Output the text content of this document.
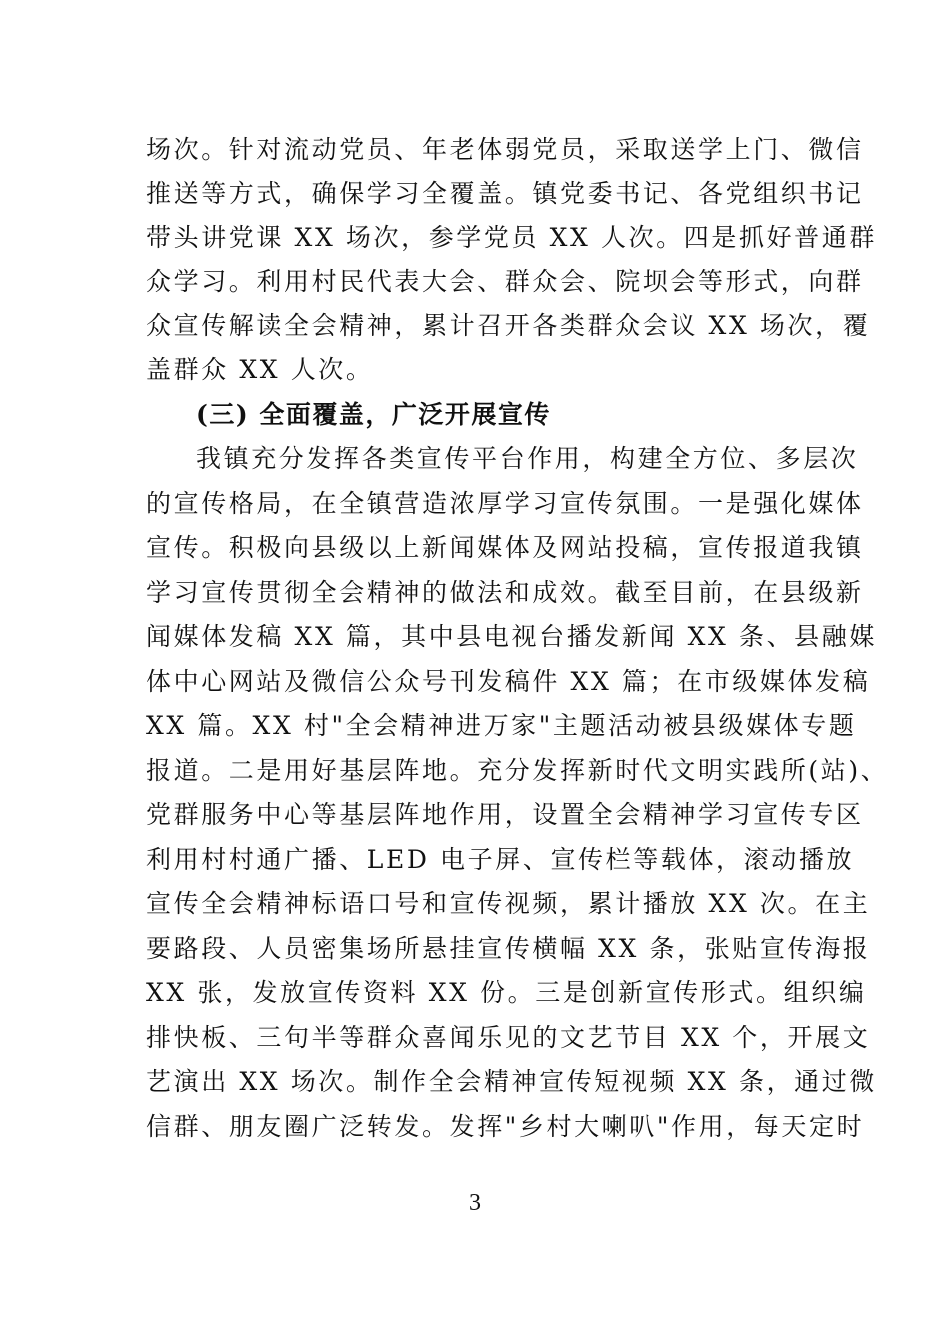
场次。针对流动党员、年老体弱党员，采取送学上门、微信
推送等方式，确保学习全覆盖。镇党委书记、各党组织书记
带头讲党课 XX 场次，参学党员 XX 人次。四是抓好普通群
众学习。利用村民代表大会、群众会、院坝会等形式，向群
众宣传解读全会精神，累计召开各类群众会议 XX 场次，覆
盖群众 XX 人次。
(三) 全面覆盖，广泛开展宣传
我镇充分发挥各类宣传平台作用，构建全方位、多层次
的宣传格局，在全镇营造浓厚学习宣传氛围。一是强化媒体
宣传。积极向县级以上新闻媒体及网站投稿，宣传报道我镇
学习宣传贯彻全会精神的做法和成效。截至目前，在县级新
闻媒体发稿 XX 篇，其中县电视台播发新闻 XX 条、县融媒
体中心网站及微信公众号刊发稿件 XX 篇；在市级媒体发稿
XX 篇。XX 村"全会精神进万家"主题活动被县级媒体专题
报道。二是用好基层阵地。充分发挥新时代文明实践所(站)、
党群服务中心等基层阵地作用，设置全会精神学习宣传专区
利用村村通广播、LED 电子屏、宣传栏等载体，滚动播放
宣传全会精神标语口号和宣传视频，累计播放 XX 次。在主
要路段、人员密集场所悬挂宣传横幅 XX 条，张贴宣传海报
XX 张，发放宣传资料 XX 份。三是创新宣传形式。组织编
排快板、三句半等群众喜闻乐见的文艺节目 XX 个，开展文
艺演出 XX 场次。制作全会精神宣传短视频 XX 条，通过微
信群、朋友圈广泛转发。发挥"乡村大喇叭"作用，每天定时
3
